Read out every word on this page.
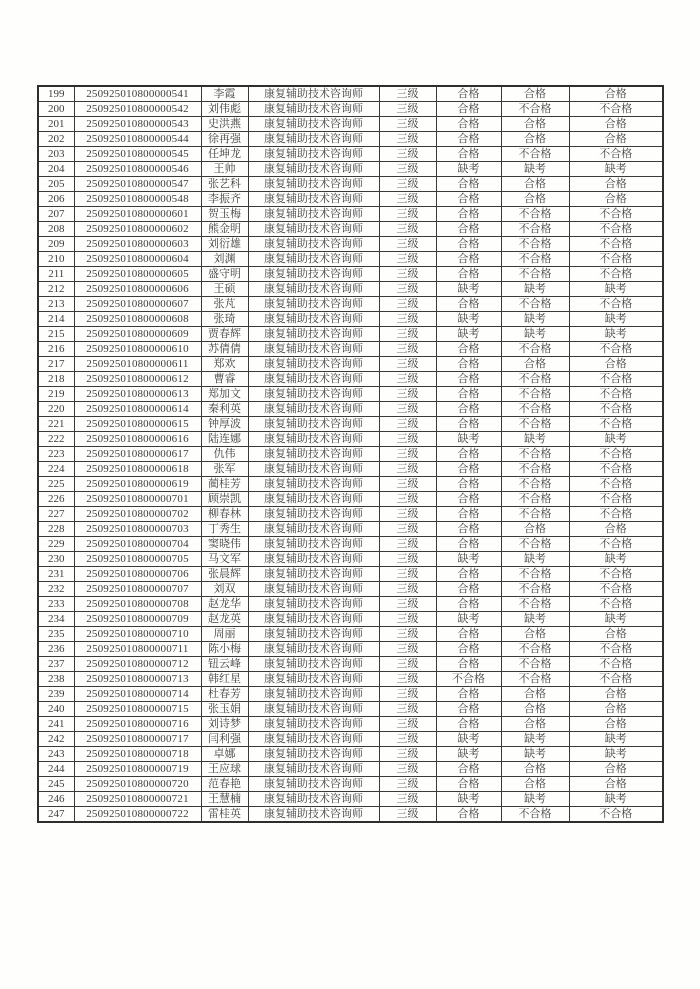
199	250925010800000541	李霞	康复辅助技术咨询师	三级	合格	合格	合格
200	250925010800000542	刘伟彪	康复辅助技术咨询师	三级	合格	不合格	不合格
201	250925010800000543	史洪燕	康复辅助技术咨询师	三级	合格	合格	合格
202	250925010800000544	徐再强	康复辅助技术咨询师	三级	合格	合格	合格
203	250925010800000545	任坤龙	康复辅助技术咨询师	三级	合格	不合格	不合格
204	250925010800000546	王帅	康复辅助技术咨询师	三级	缺考	缺考	缺考
205	250925010800000547	张艺科	康复辅助技术咨询师	三级	合格	合格	合格
206	250925010800000548	李振齐	康复辅助技术咨询师	三级	合格	合格	合格
207	250925010800000601	贺玉梅	康复辅助技术咨询师	三级	合格	不合格	不合格
208	250925010800000602	熊金明	康复辅助技术咨询师	三级	合格	不合格	不合格
209	250925010800000603	刘衍雄	康复辅助技术咨询师	三级	合格	不合格	不合格
210	250925010800000604	刘渊	康复辅助技术咨询师	三级	合格	不合格	不合格
211	250925010800000605	盛守明	康复辅助技术咨询师	三级	合格	不合格	不合格
212	250925010800000606	王硕	康复辅助技术咨询师	三级	缺考	缺考	缺考
213	250925010800000607	张芃	康复辅助技术咨询师	三级	合格	不合格	不合格
214	250925010800000608	张琦	康复辅助技术咨询师	三级	缺考	缺考	缺考
215	250925010800000609	贾春辉	康复辅助技术咨询师	三级	缺考	缺考	缺考
216	250925010800000610	苏倩倩	康复辅助技术咨询师	三级	合格	不合格	不合格
217	250925010800000611	郑欢	康复辅助技术咨询师	三级	合格	合格	合格
218	250925010800000612	曹睿	康复辅助技术咨询师	三级	合格	不合格	不合格
219	250925010800000613	郑加文	康复辅助技术咨询师	三级	合格	不合格	不合格
220	250925010800000614	秦利英	康复辅助技术咨询师	三级	合格	不合格	不合格
221	250925010800000615	钟厚波	康复辅助技术咨询师	三级	合格	不合格	不合格
222	250925010800000616	陆连娜	康复辅助技术咨询师	三级	缺考	缺考	缺考
223	250925010800000617	仇伟	康复辅助技术咨询师	三级	合格	不合格	不合格
224	250925010800000618	张军	康复辅助技术咨询师	三级	合格	不合格	不合格
225	250925010800000619	蔺桂芳	康复辅助技术咨询师	三级	合格	不合格	不合格
226	250925010800000701	顾崇凯	康复辅助技术咨询师	三级	合格	不合格	不合格
227	250925010800000702	柳春林	康复辅助技术咨询师	三级	合格	不合格	不合格
228	250925010800000703	丁秀生	康复辅助技术咨询师	三级	合格	合格	合格
229	250925010800000704	窦晓伟	康复辅助技术咨询师	三级	合格	不合格	不合格
230	250925010800000705	马文军	康复辅助技术咨询师	三级	缺考	缺考	缺考
231	250925010800000706	张晨辉	康复辅助技术咨询师	三级	合格	不合格	不合格
232	250925010800000707	刘双	康复辅助技术咨询师	三级	合格	不合格	不合格
233	250925010800000708	赵龙华	康复辅助技术咨询师	三级	合格	不合格	不合格
234	250925010800000709	赵龙英	康复辅助技术咨询师	三级	缺考	缺考	缺考
235	250925010800000710	周丽	康复辅助技术咨询师	三级	合格	合格	合格
236	250925010800000711	陈小梅	康复辅助技术咨询师	三级	合格	不合格	不合格
237	250925010800000712	钮云峰	康复辅助技术咨询师	三级	合格	不合格	不合格
238	250925010800000713	韩红星	康复辅助技术咨询师	三级	不合格	不合格	不合格
239	250925010800000714	杜春芳	康复辅助技术咨询师	三级	合格	合格	合格
240	250925010800000715	张玉娟	康复辅助技术咨询师	三级	合格	合格	合格
241	250925010800000716	刘诗梦	康复辅助技术咨询师	三级	合格	合格	合格
242	250925010800000717	闫利强	康复辅助技术咨询师	三级	缺考	缺考	缺考
243	250925010800000718	卓娜	康复辅助技术咨询师	三级	缺考	缺考	缺考
244	250925010800000719	王应球	康复辅助技术咨询师	三级	合格	合格	合格
245	250925010800000720	范春艳	康复辅助技术咨询师	三级	合格	合格	合格
246	250925010800000721	王慧楠	康复辅助技术咨询师	三级	缺考	缺考	缺考
247	250925010800000722	雷桂英	康复辅助技术咨询师	三级	合格	不合格	不合格
